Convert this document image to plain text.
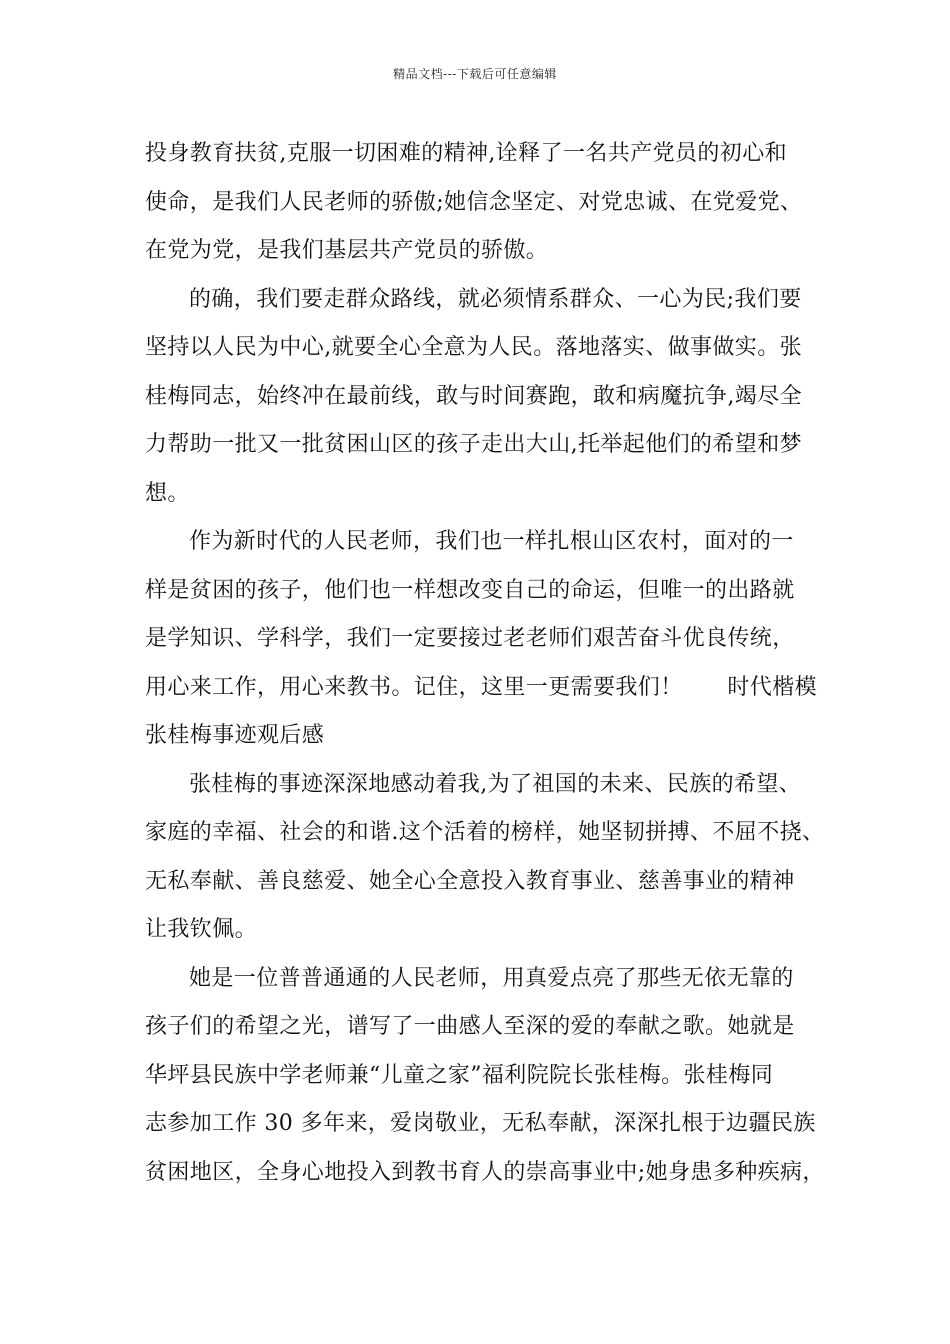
精品文档---下载后可任意编辑
投身教育扶贫,克服一切困难的精神,诠释了一名共产党员的初心和
使命，是我们人民老师的骄傲;她信念坚定、对党忠诚、在党爱党、
在党为党，是我们基层共产党员的骄傲。
的确，我们要走群众路线，就必须情系群众、一心为民;我们要
坚持以人民为中心,就要全心全意为人民。落地落实、做事做实。张
桂梅同志，始终冲在最前线，敢与时间赛跑，敢和病魔抗争,竭尽全
力帮助一批又一批贫困山区的孩子走出大山,托举起他们的希望和梦
想。
作为新时代的人民老师，我们也一样扎根山区农村，面对的一
样是贫困的孩子，他们也一样想改变自己的命运，但唯一的出路就
是学知识、学科学，我们一定要接过老老师们艰苦奋斗优良传统，
用心来工作，用心来教书。记住，这里一更需要我们！　　时代楷模
张桂梅事迹观后感
张桂梅的事迹深深地感动着我,为了祖国的未来、民族的希望、
家庭的幸福、社会的和谐.这个活着的榜样，她坚韧拼搏、不屈不挠、
无私奉献、善良慈爱、她全心全意投入教育事业、慈善事业的精神
让我钦佩。
她是一位普普通通的人民老师，用真爱点亮了那些无依无靠的
孩子们的希望之光，谱写了一曲感人至深的爱的奉献之歌。她就是
华坪县民族中学老师兼“儿童之家”福利院院长张桂梅。张桂梅同
志参加工作 30 多年来，爱岗敬业，无私奉献，深深扎根于边疆民族
贫困地区，全身心地投入到教书育人的崇高事业中;她身患多种疾病，
